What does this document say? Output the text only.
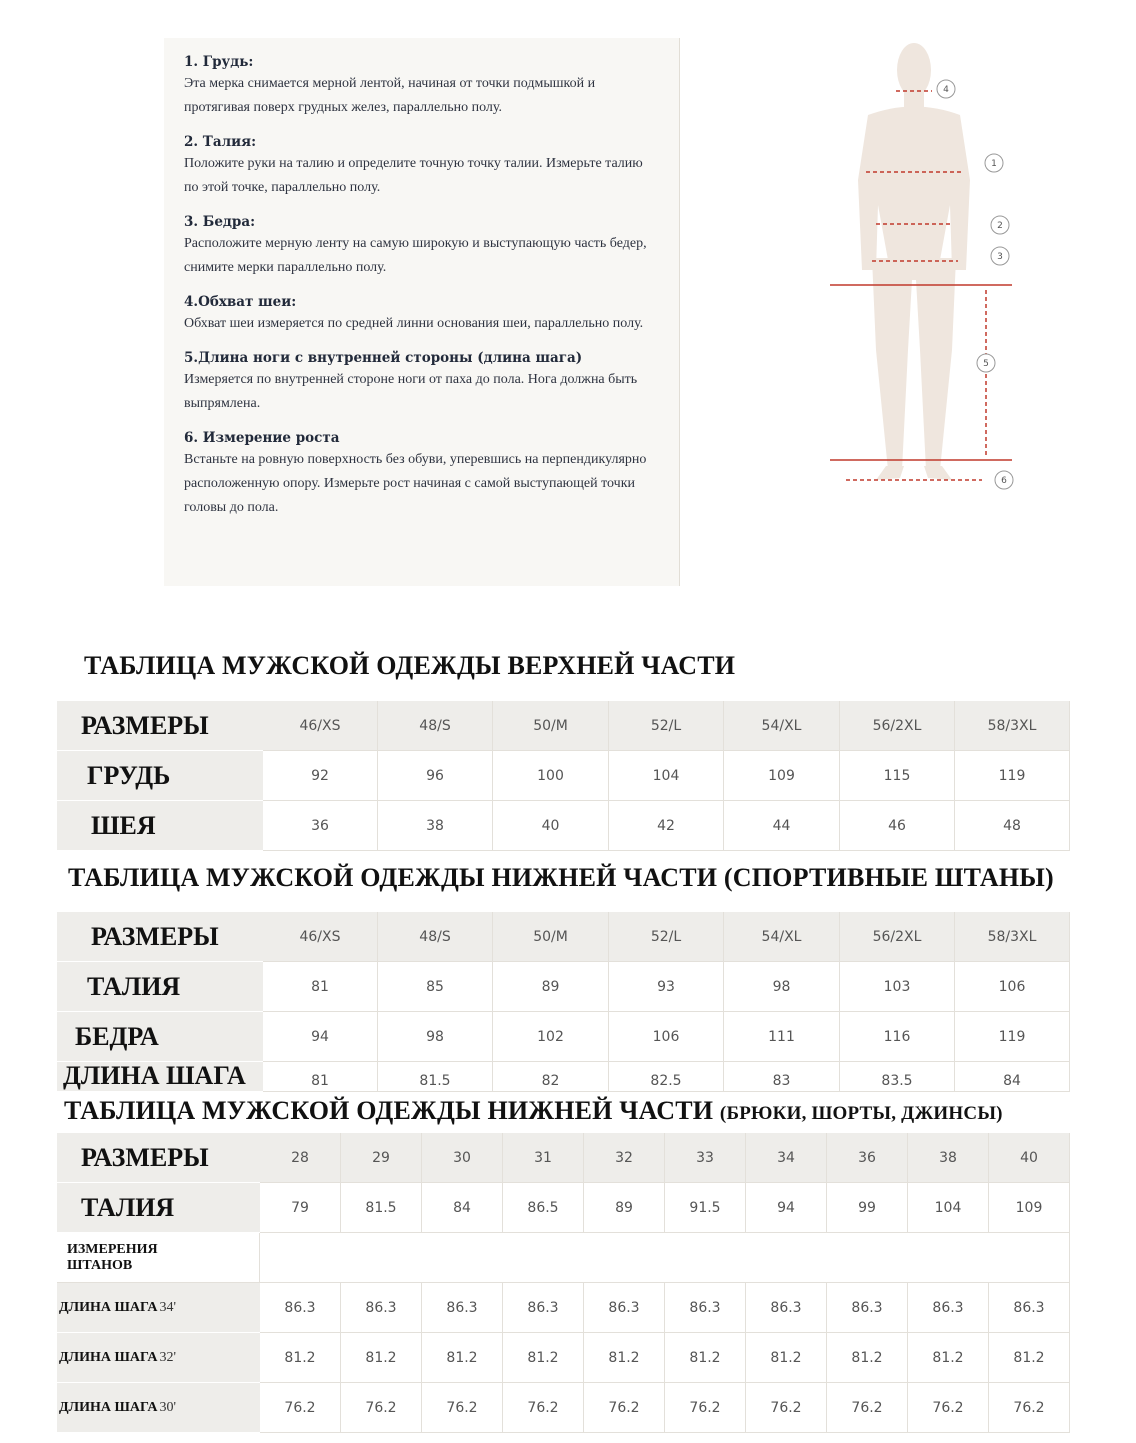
1. Грудь:
Эта мерка снимается мерной лентой, начиная от точки подмышкой и протягивая поверх грудных желез, параллельно полу.
2. Талия:
Положите руки на талию и определите точную точку талии. Измерьте талию по этой точке, параллельно полу.
3. Бедра:
Расположите мерную ленту на самую широкую и выступающую часть бедер, снимите мерки параллельно полу.
4.Обхват шеи:
Обхват шеи измеряется по средней линни основания шеи, параллельно полу.
5.Длина ноги с внутренней стороны (длина шага)
Измеряется по внутренней стороне ноги от паха до пола. Нога должна быть выпрямлена.
6. Измерение роста
Встаньте на ровную поверхность без обуви, уперевшись на перпендикулярно расположенную опору. Измерьте рост начиная с самой выступающей точки головы до пола.
4
1
2
3
5
6
ТАБЛИЦА МУЖСКОЙ ОДЕЖДЫ ВЕРХНЕЙ ЧАСТИ
РАЗМЕРЫ	46/XS	48/S	50/M	52/L	54/XL	56/2XL	58/3XL
ГРУДЬ	92	96	100	104	109	115	119
ШЕЯ	36	38	40	42	44	46	48
ТАБЛИЦА МУЖСКОЙ ОДЕЖДЫ НИЖНЕЙ ЧАСТИ (СПОРТИВНЫЕ ШТАНЫ)
РАЗМЕРЫ	46/XS	48/S	50/M	52/L	54/XL	56/2XL	58/3XL
ТАЛИЯ	81	85	89	93	98	103	106
БЕДРА	94	98	102	106	111	116	119
ДЛИНА ШАГА	81	81.5	82	82.5	83	83.5	84
ТАБЛИЦА МУЖСКОЙ ОДЕЖДЫ НИЖНЕЙ ЧАСТИ (БРЮКИ, ШОРТЫ, ДЖИНСЫ)
РАЗМЕРЫ	28	29	30	31	32	33	34	36	38	40
ТАЛИЯ	79	81.5	84	86.5	89	91.5	94	99	104	109
ИЗМЕРЕНИЯ ШТАНОВ
ДЛИНА ШАГА 34'	86.3	86.3	86.3	86.3	86.3	86.3	86.3	86.3	86.3	86.3
ДЛИНА ШАГА 32'	81.2	81.2	81.2	81.2	81.2	81.2	81.2	81.2	81.2	81.2
ДЛИНА ШАГА 30'	76.2	76.2	76.2	76.2	76.2	76.2	76.2	76.2	76.2	76.2
